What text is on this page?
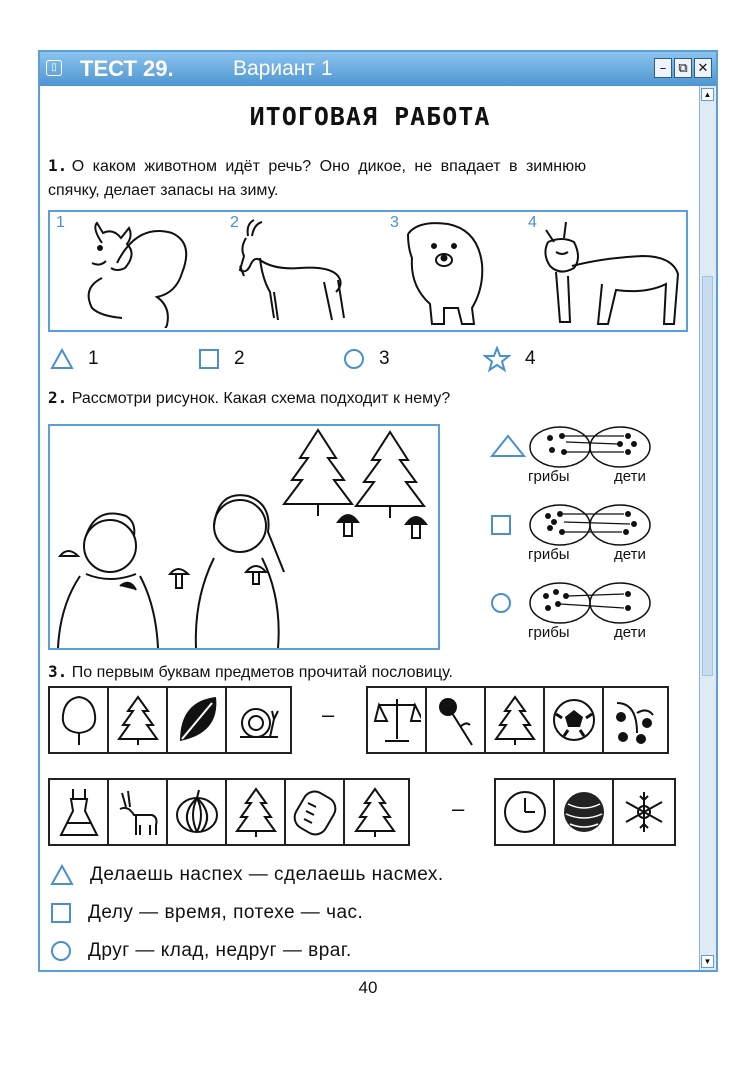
▯ ТЕСТ 29.	Вариант 1	– ⧉ ✕
▲
▼
ИТОГОВАЯ РАБОТА
1. О каком животном идёт речь? Оно дикое, не впадает в зимнюю
спячку, делает запасы на зиму.
1	2	3	4
1	2	3	4
2. Рассмотри рисунок. Какая схема подходит к нему?
грибы	дети
грибы	дети
грибы	дети
3. По первым буквам предметов прочитай пословицу.
–
–
Делаешь наспех — сделаешь насмех.
Делу — время, потехе — час.
Друг — клад, недруг — враг.
40
